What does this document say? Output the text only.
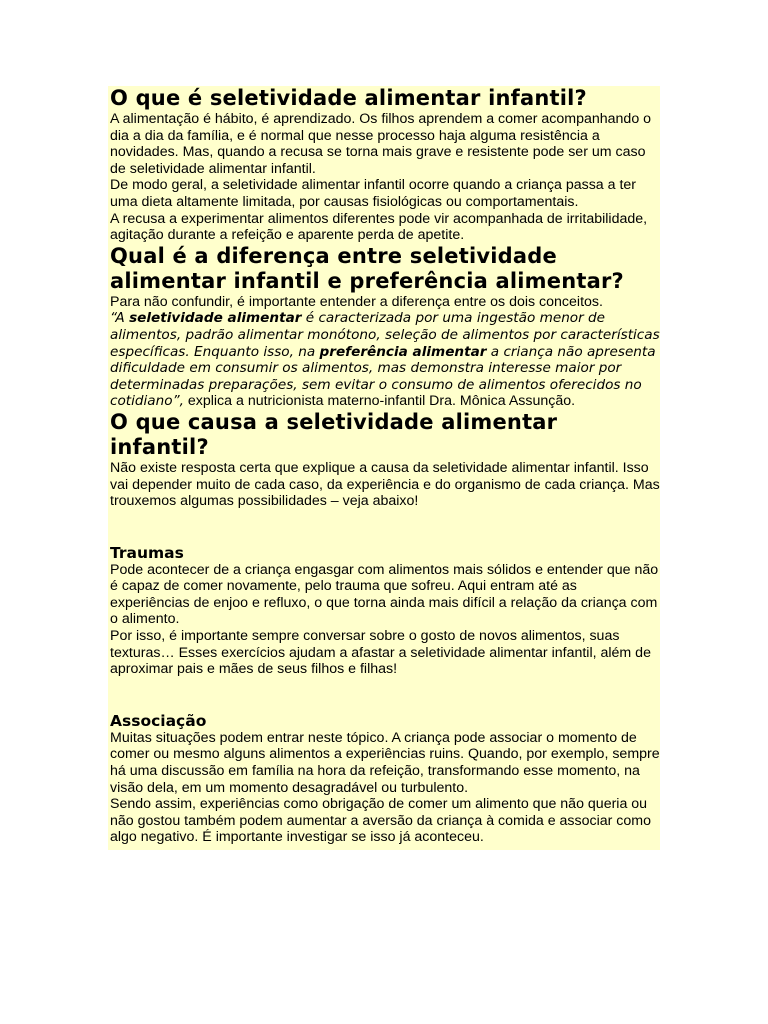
O que é seletividade alimentar infantil?

A alimentação é hábito, é aprendizado. Os filhos aprendem a comer acompanhando o dia a dia da família, e é normal que nesse processo haja alguma resistência a novidades. Mas, quando a recusa se torna mais grave e resistente pode ser um caso de seletividade alimentar infantil.

De modo geral, a seletividade alimentar infantil ocorre quando a criança passa a ter uma dieta altamente limitada, por causas fisiológicas ou comportamentais.

A recusa a experimentar alimentos diferentes pode vir acompanhada de irritabilidade, agitação durante a refeição e aparente perda de apetite.

Qual é a diferença entre seletividade alimentar infantil e preferência alimentar?

Para não confundir, é importante entender a diferença entre os dois conceitos.

“A seletividade alimentar é caracterizada por uma ingestão menor de alimentos, padrão alimentar monótono, seleção de alimentos por características específicas. Enquanto isso, na preferência alimentar a criança não apresenta dificuldade em consumir os alimentos, mas demonstra interesse maior por determinadas preparações, sem evitar o consumo de alimentos oferecidos no cotidiano”, explica a nutricionista materno-infantil Dra. Mônica Assunção.

O que causa a seletividade alimentar infantil?

Não existe resposta certa que explique a causa da seletividade alimentar infantil. Isso vai depender muito de cada caso, da experiência e do organismo de cada criança. Mas trouxemos algumas possibilidades – veja abaixo!

Traumas

Pode acontecer de a criança engasgar com alimentos mais sólidos e entender que não é capaz de comer novamente, pelo trauma que sofreu. Aqui entram até as experiências de enjoo e refluxo, o que torna ainda mais difícil a relação da criança com o alimento.

Por isso, é importante sempre conversar sobre o gosto de novos alimentos, suas texturas… Esses exercícios ajudam a afastar a seletividade alimentar infantil, além de aproximar pais e mães de seus filhos e filhas!

Associação

Muitas situações podem entrar neste tópico. A criança pode associar o momento de comer ou mesmo alguns alimentos a experiências ruins. Quando, por exemplo, sempre há uma discussão em família na hora da refeição, transformando esse momento, na visão dela, em um momento desagradável ou turbulento.

Sendo assim, experiências como obrigação de comer um alimento que não queria ou não gostou também podem aumentar a aversão da criança à comida e associar como algo negativo. É importante investigar se isso já aconteceu.
